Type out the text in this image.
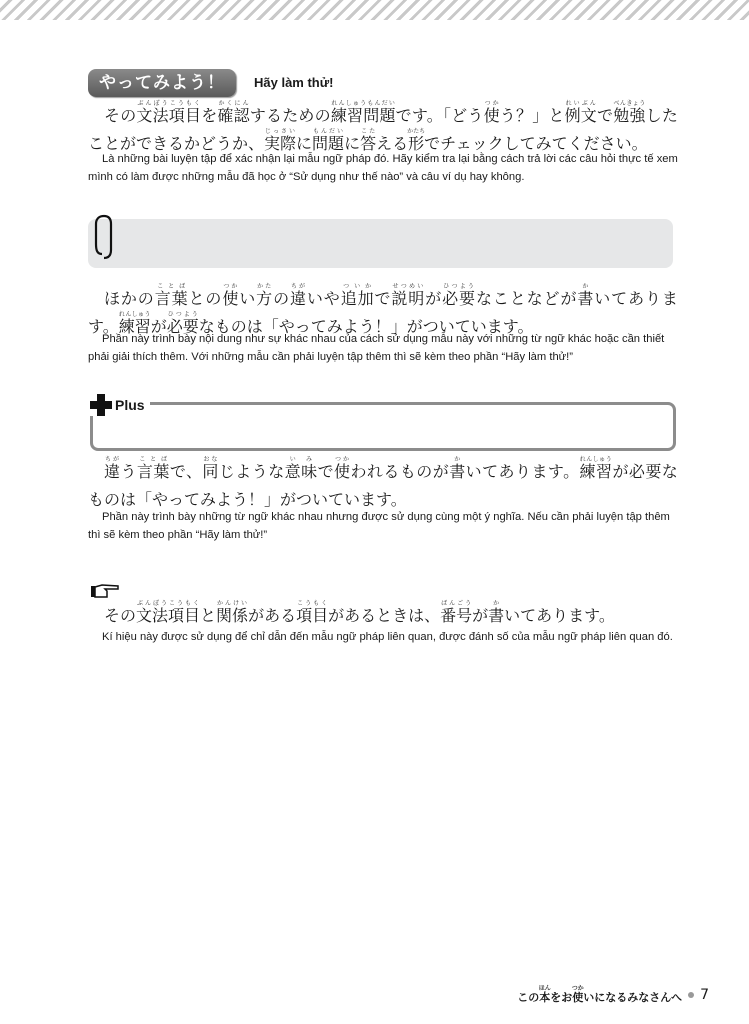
やってみよう！	Hãy làm thử!

その文法項目ぶんぽうこうもくを確認かくにんするための練習問題れんしゅうもんだいです。「どう使つかう？」と例文れいぶんで勉強べんきょうしたことができるかどうか、実際じっさいに問題もんだいに答こたえる形かたちでチェックしてみてください。

Là những bài luyện tập để xác nhận lại mẫu ngữ pháp đó. Hãy kiểm tra lại bằng cách trả lời các câu hỏi thực tế xem mình có làm được những mẫu đã học ở “Sử dụng như thế nào” và câu ví dụ hay không.

ほかの言葉ことばとの使つかい方かたの違ちがいや追加ついかで説明せつめいが必要ひつようなことなどが書かいてあります。練習れんしゅうが必要ひつようなものは「やってみよう！」がついています。

Phần này trình bày nội dung như sự khác nhau của cách sử dụng mẫu này với những từ ngữ khác hoặc cần thiết phải giải thích thêm. Với những mẫu cần phải luyện tập thêm thì sẽ kèm theo phần “Hãy làm thử!”
Plus

違ちがう言葉ことばで、同おなじような意味いみで使つかわれるものが書かいてあります。練習れんしゅうが必要なものは「やってみよう！」がついています。

Phần này trình bày những từ ngữ khác nhau nhưng được sử dụng cùng một ý nghĩa. Nếu cần phải luyện tập thêm thì sẽ kèm theo phần “Hãy làm thử!”

その文法項目ぶんぽうこうもくと関係かんけいがある項目こうもくがあるときは、番号ばんごうが書かいてあります。

Kí hiệu này được sử dụng để chỉ dẫn đến mẫu ngữ pháp liên quan, được đánh số của mẫu ngữ pháp liên quan đó.
この本ほんをお使つかいになるみなさんへ 7
